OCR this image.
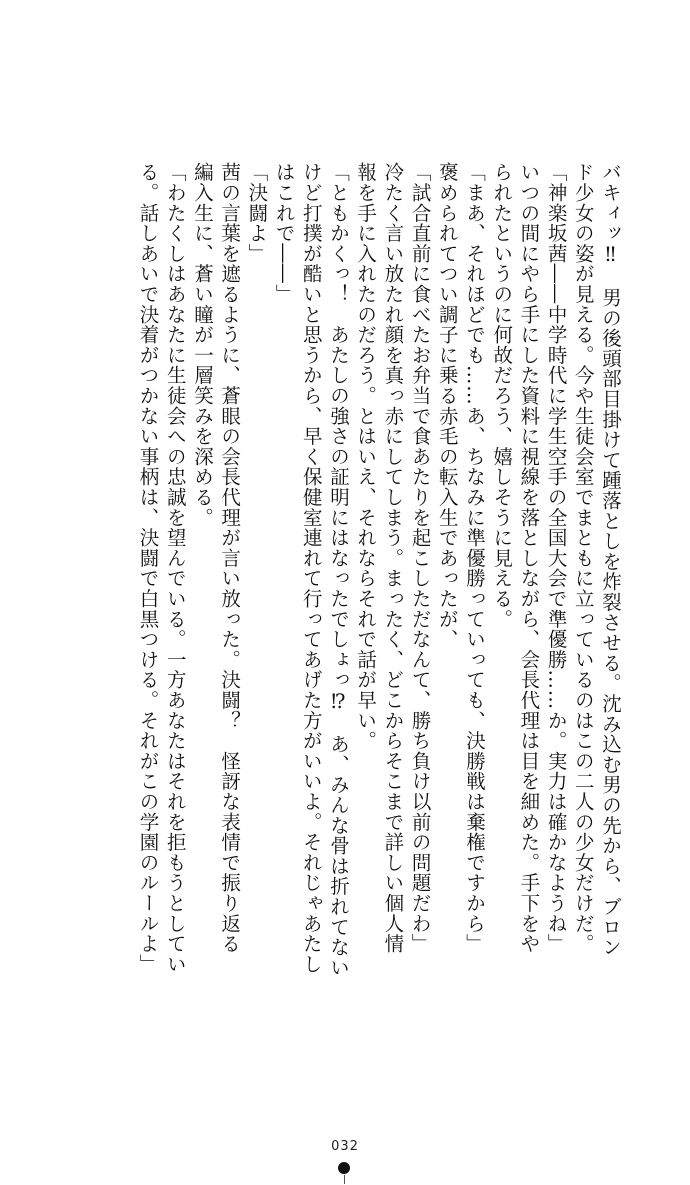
バキィッ‼　男の後頭部目掛けて踵落としを炸裂させる。沈み込む男の先から、ブロン

ド少女の姿が見える。今や生徒会室でまともに立っているのはこの二人の少女だけだ。

「神楽坂茜――中学時代に学生空手の全国大会で準優勝……か。実力は確かなようね」

いつの間にやら手にした資料に視線を落としながら、会長代理は目を細めた。手下をや

られたというのに何故だろう、嬉しそうに見える。

「まあ、それほどでも……あ、ちなみに準優勝っていっても、決勝戦は棄権ですから」

褒められてつい調子に乗る赤毛の転入生であったが、

「試合直前に食べたお弁当で食あたりを起こしただなんて、勝ち負け以前の問題だわ」

冷たく言い放たれ顔を真っ赤にしてしまう。まったく、どこからそこまで詳しい個人情

報を手に入れたのだろう。とはいえ、それならそれで話が早い。

「ともかくっ！　あたしの強さの証明にはなったでしょっ⁉　あ、みんな骨は折れてない

けど打撲が酷いと思うから、早く保健室連れて行ってあげた方がいいよ。それじゃあたし

はこれで――」

「決闘よ」

茜の言葉を遮るように、蒼眼の会長代理が言い放った。決闘？　怪訝な表情で振り返る

編入生に、蒼い瞳が一層笑みを深める。

「わたくしはあなたに生徒会への忠誠を望んでいる。一方あなたはそれを拒もうとしてい

る。話しあいで決着がつかない事柄は、決闘で白黒つける。それがこの学園のルールよ」

032
